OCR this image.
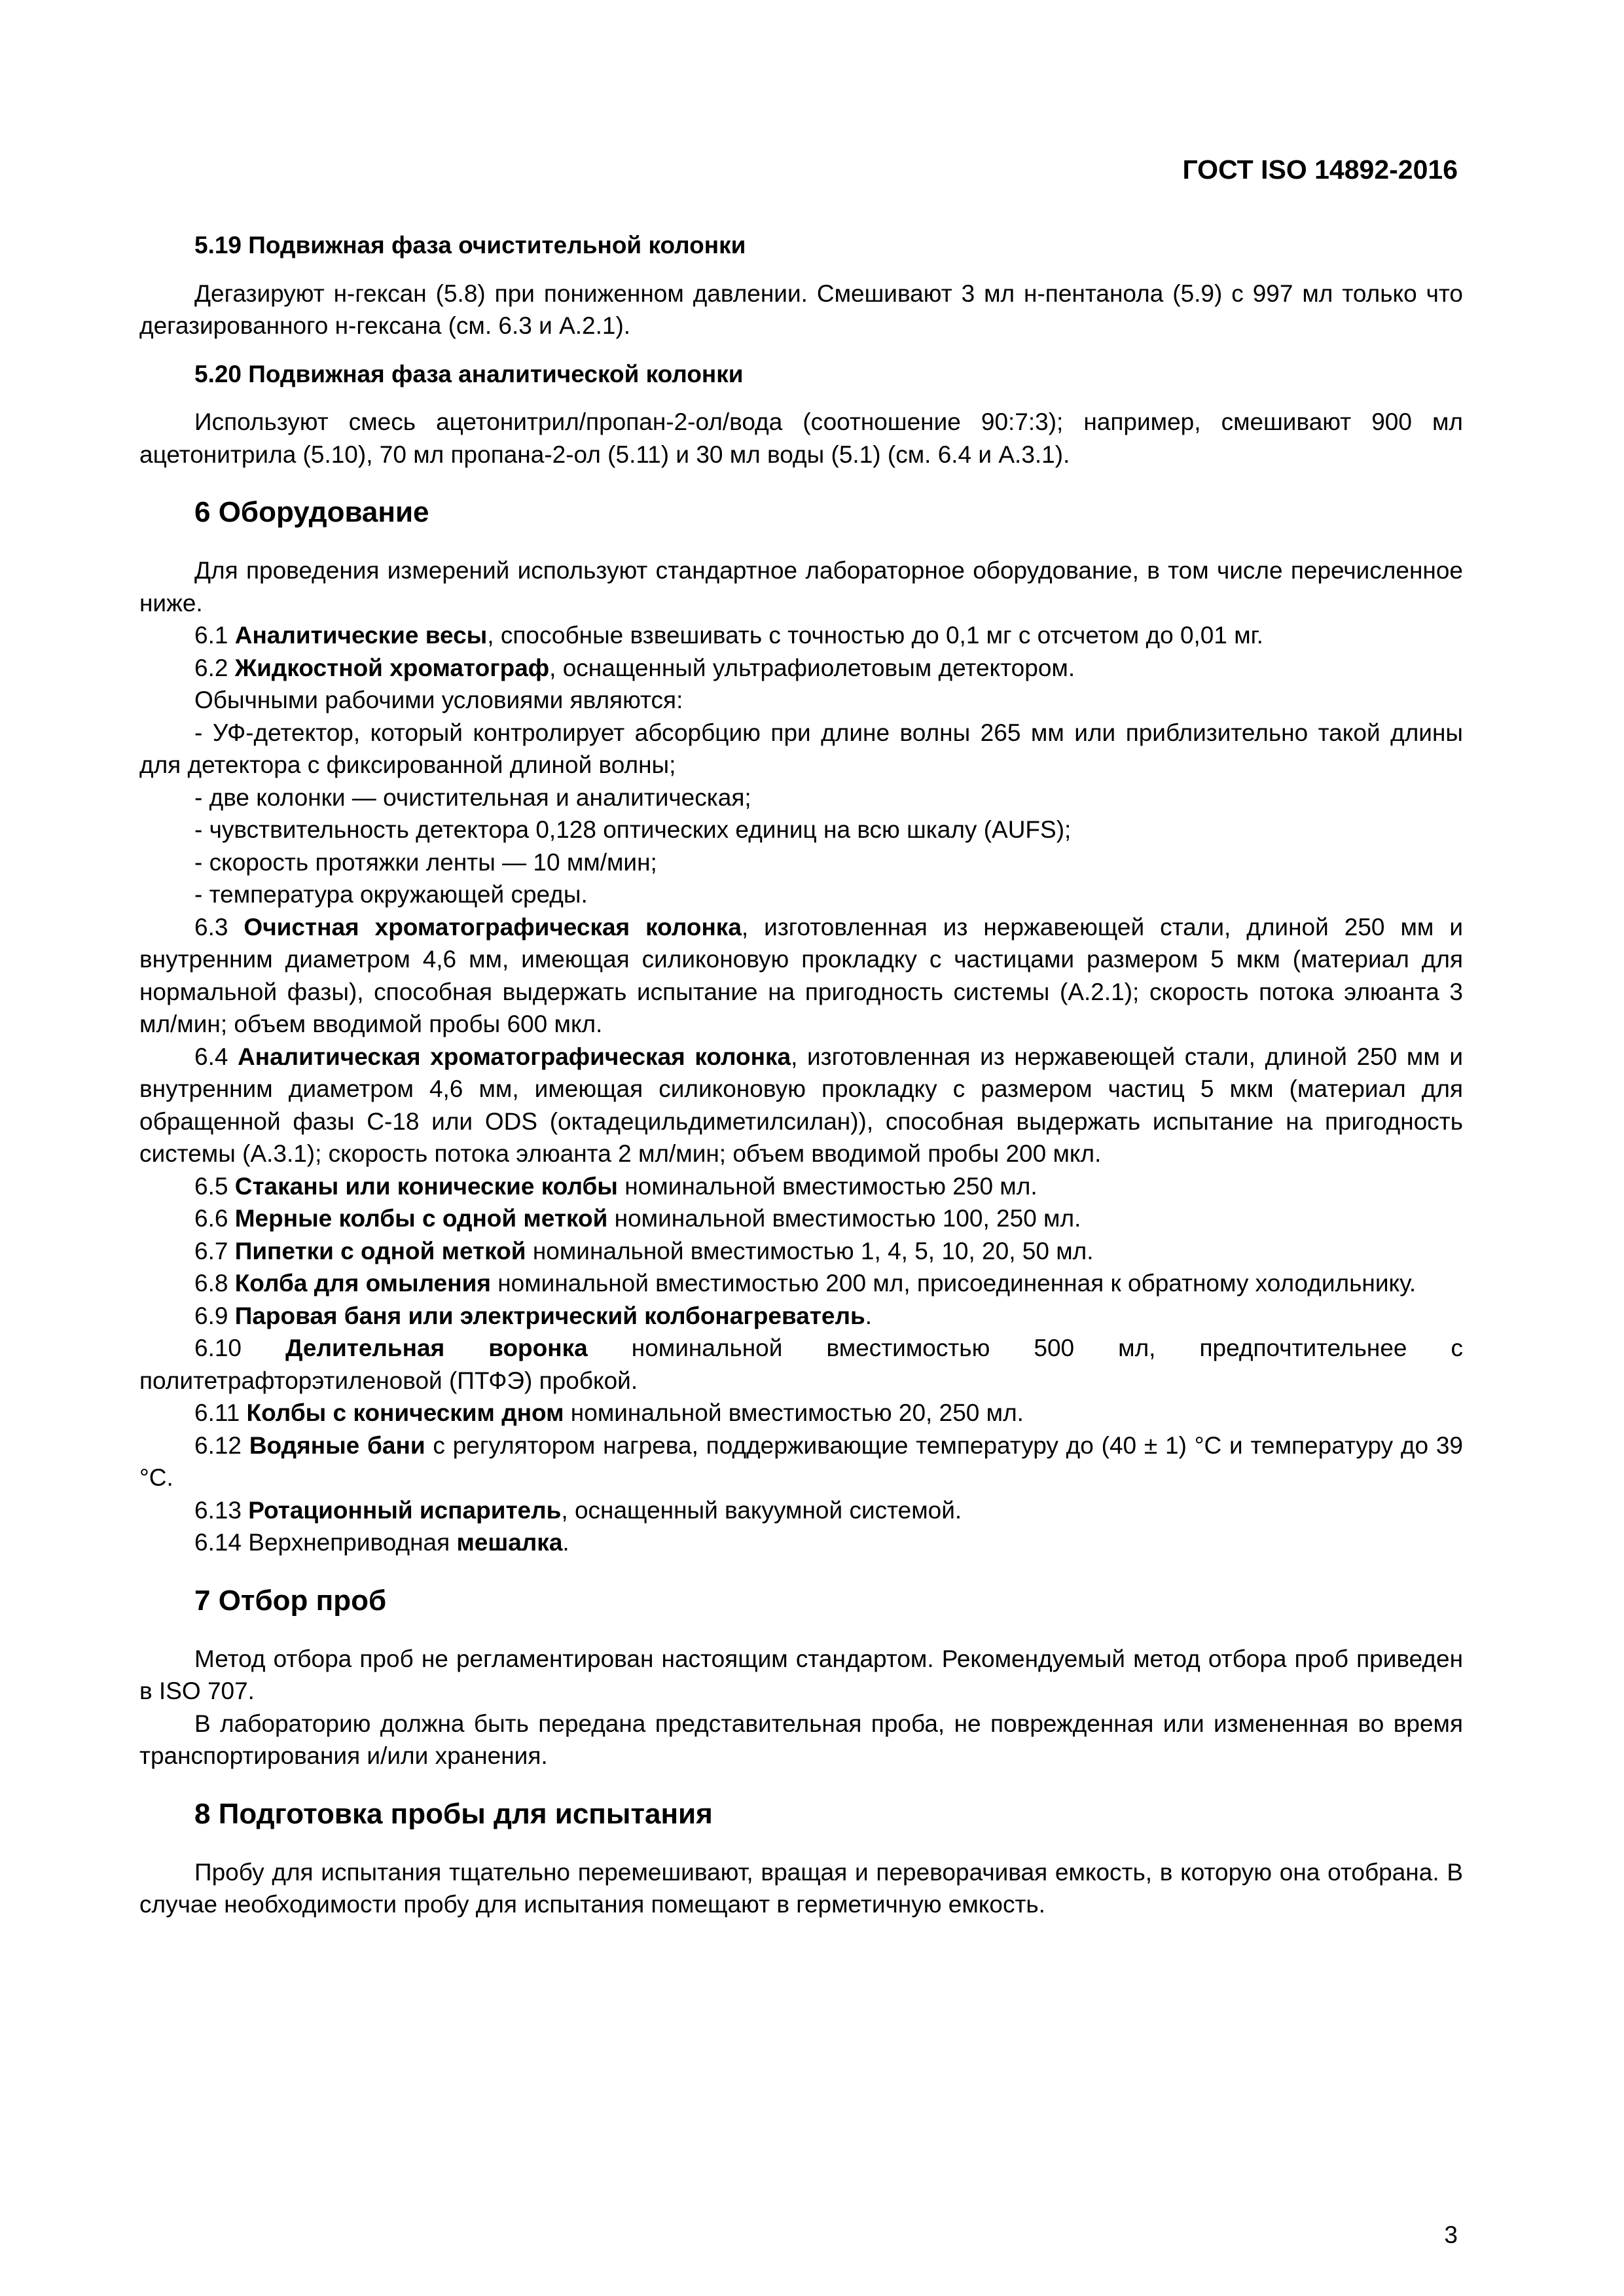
ГОСТ ISO 14892-2016
5.19 Подвижная фаза очистительной колонки

Дегазируют н-гексан (5.8) при пониженном давлении. Смешивают 3 мл н-пентанола (5.9) с 997 мл только что дегазированного н-гексана (см. 6.3 и А.2.1).

5.20 Подвижная фаза аналитической колонки

Используют смесь ацетонитрил/пропан-2-ол/вода (соотношение 90:7:3); например, смешивают 900 мл ацетонитрила (5.10), 70 мл пропана-2-ол (5.11) и 30 мл воды (5.1) (см. 6.4 и А.3.1).

6 Оборудование

Для проведения измерений используют стандартное лабораторное оборудование, в том числе перечисленное ниже.

6.1 Аналитические весы, способные взвешивать с точностью до 0,1 мг с отсчетом до 0,01 мг.

6.2 Жидкостной хроматограф, оснащенный ультрафиолетовым детектором.

Обычными рабочими условиями являются:

- УФ-детектор, который контролирует абсорбцию при длине волны 265 мм или приблизительно такой длины для детектора с фиксированной длиной волны;

- две колонки — очистительная и аналитическая;

- чувствительность детектора 0,128 оптических единиц на всю шкалу (AUFS);

- скорость протяжки ленты — 10 мм/мин;

- температура окружающей среды.

6.3 Очистная хроматографическая колонка, изготовленная из нержавеющей стали, длиной 250 мм и внутренним диаметром 4,6 мм, имеющая силиконовую прокладку с частицами размером 5 мкм (материал для нормальной фазы), способная выдержать испытание на пригодность системы (А.2.1); скорость потока элюанта 3 мл/мин; объем вводимой пробы 600 мкл.

6.4 Аналитическая хроматографическая колонка, изготовленная из нержавеющей стали, длиной 250 мм и внутренним диаметром 4,6 мм, имеющая силиконовую прокладку с размером частиц 5 мкм (материал для обращенной фазы С-18 или ODS (октадецильдиметилсилан)), способная выдержать испытание на пригодность системы (А.3.1); скорость потока элюанта 2 мл/мин; объем вводимой пробы 200 мкл.

6.5 Стаканы или конические колбы номинальной вместимостью 250 мл.

6.6 Мерные колбы с одной меткой номинальной вместимостью 100, 250 мл.

6.7 Пипетки с одной меткой номинальной вместимостью 1, 4, 5, 10, 20, 50 мл.

6.8 Колба для омыления номинальной вместимостью 200 мл, присоединенная к обратному холодильнику.

6.9 Паровая баня или электрический колбонагреватель.

6.10 Делительная воронка номинальной вместимостью 500 мл, предпочтительнее с политетрафторэтиленовой (ПТФЭ) пробкой.

6.11 Колбы с коническим дном номинальной вместимостью 20, 250 мл.

6.12 Водяные бани с регулятором нагрева, поддерживающие температуру до (40 ± 1) °С и температуру до 39 °С.

6.13 Ротационный испаритель, оснащенный вакуумной системой.

6.14 Верхнеприводная мешалка.

7 Отбор проб

Метод отбора проб не регламентирован настоящим стандартом. Рекомендуемый метод отбора проб приведен в ISO 707.

В лабораторию должна быть передана представительная проба, не поврежденная или измененная во время транспортирования и/или хранения.

8 Подготовка пробы для испытания

Пробу для испытания тщательно перемешивают, вращая и переворачивая емкость, в которую она отобрана. В случае необходимости пробу для испытания помещают в герметичную емкость.

3
